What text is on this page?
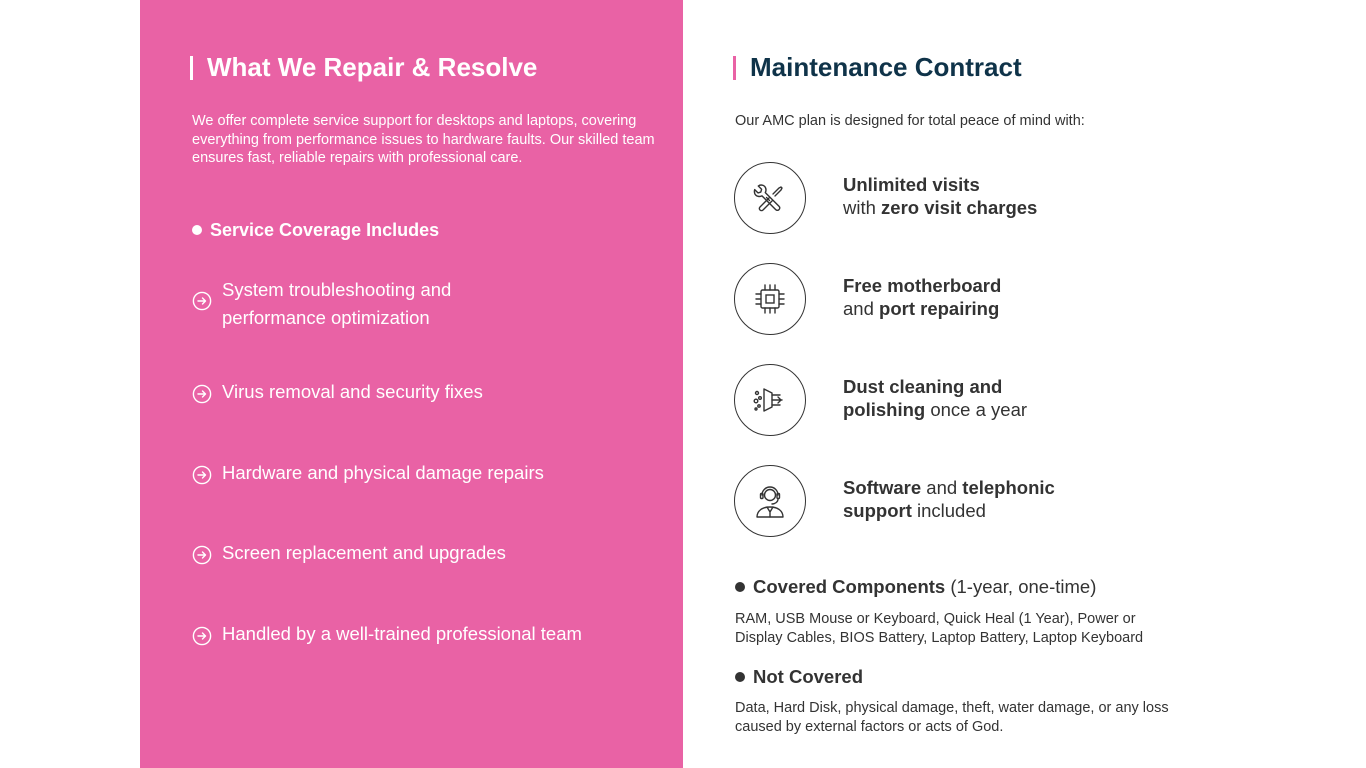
What We Repair & Resolve
We offer complete service support for desktops and laptops, covering everything from performance issues to hardware faults. Our skilled team ensures fast, reliable repairs with professional care.
Service Coverage Includes
System troubleshooting and performance optimization
Virus removal and security fixes
Hardware and physical damage repairs
Screen replacement and upgrades
Handled by a well-trained professional team
Maintenance Contract
Our AMC plan is designed for total peace of mind with:
Unlimited visits
with zero visit charges
Free motherboard
and port repairing
Dust cleaning and
polishing once a year
Software and telephonic
support included
Covered Components (1-year, one-time)
RAM, USB Mouse or Keyboard, Quick Heal (1 Year), Power or Display Cables, BIOS Battery, Laptop Battery, Laptop Keyboard
Not Covered
Data, Hard Disk, physical damage, theft, water damage, or any loss caused by external factors or acts of God.
